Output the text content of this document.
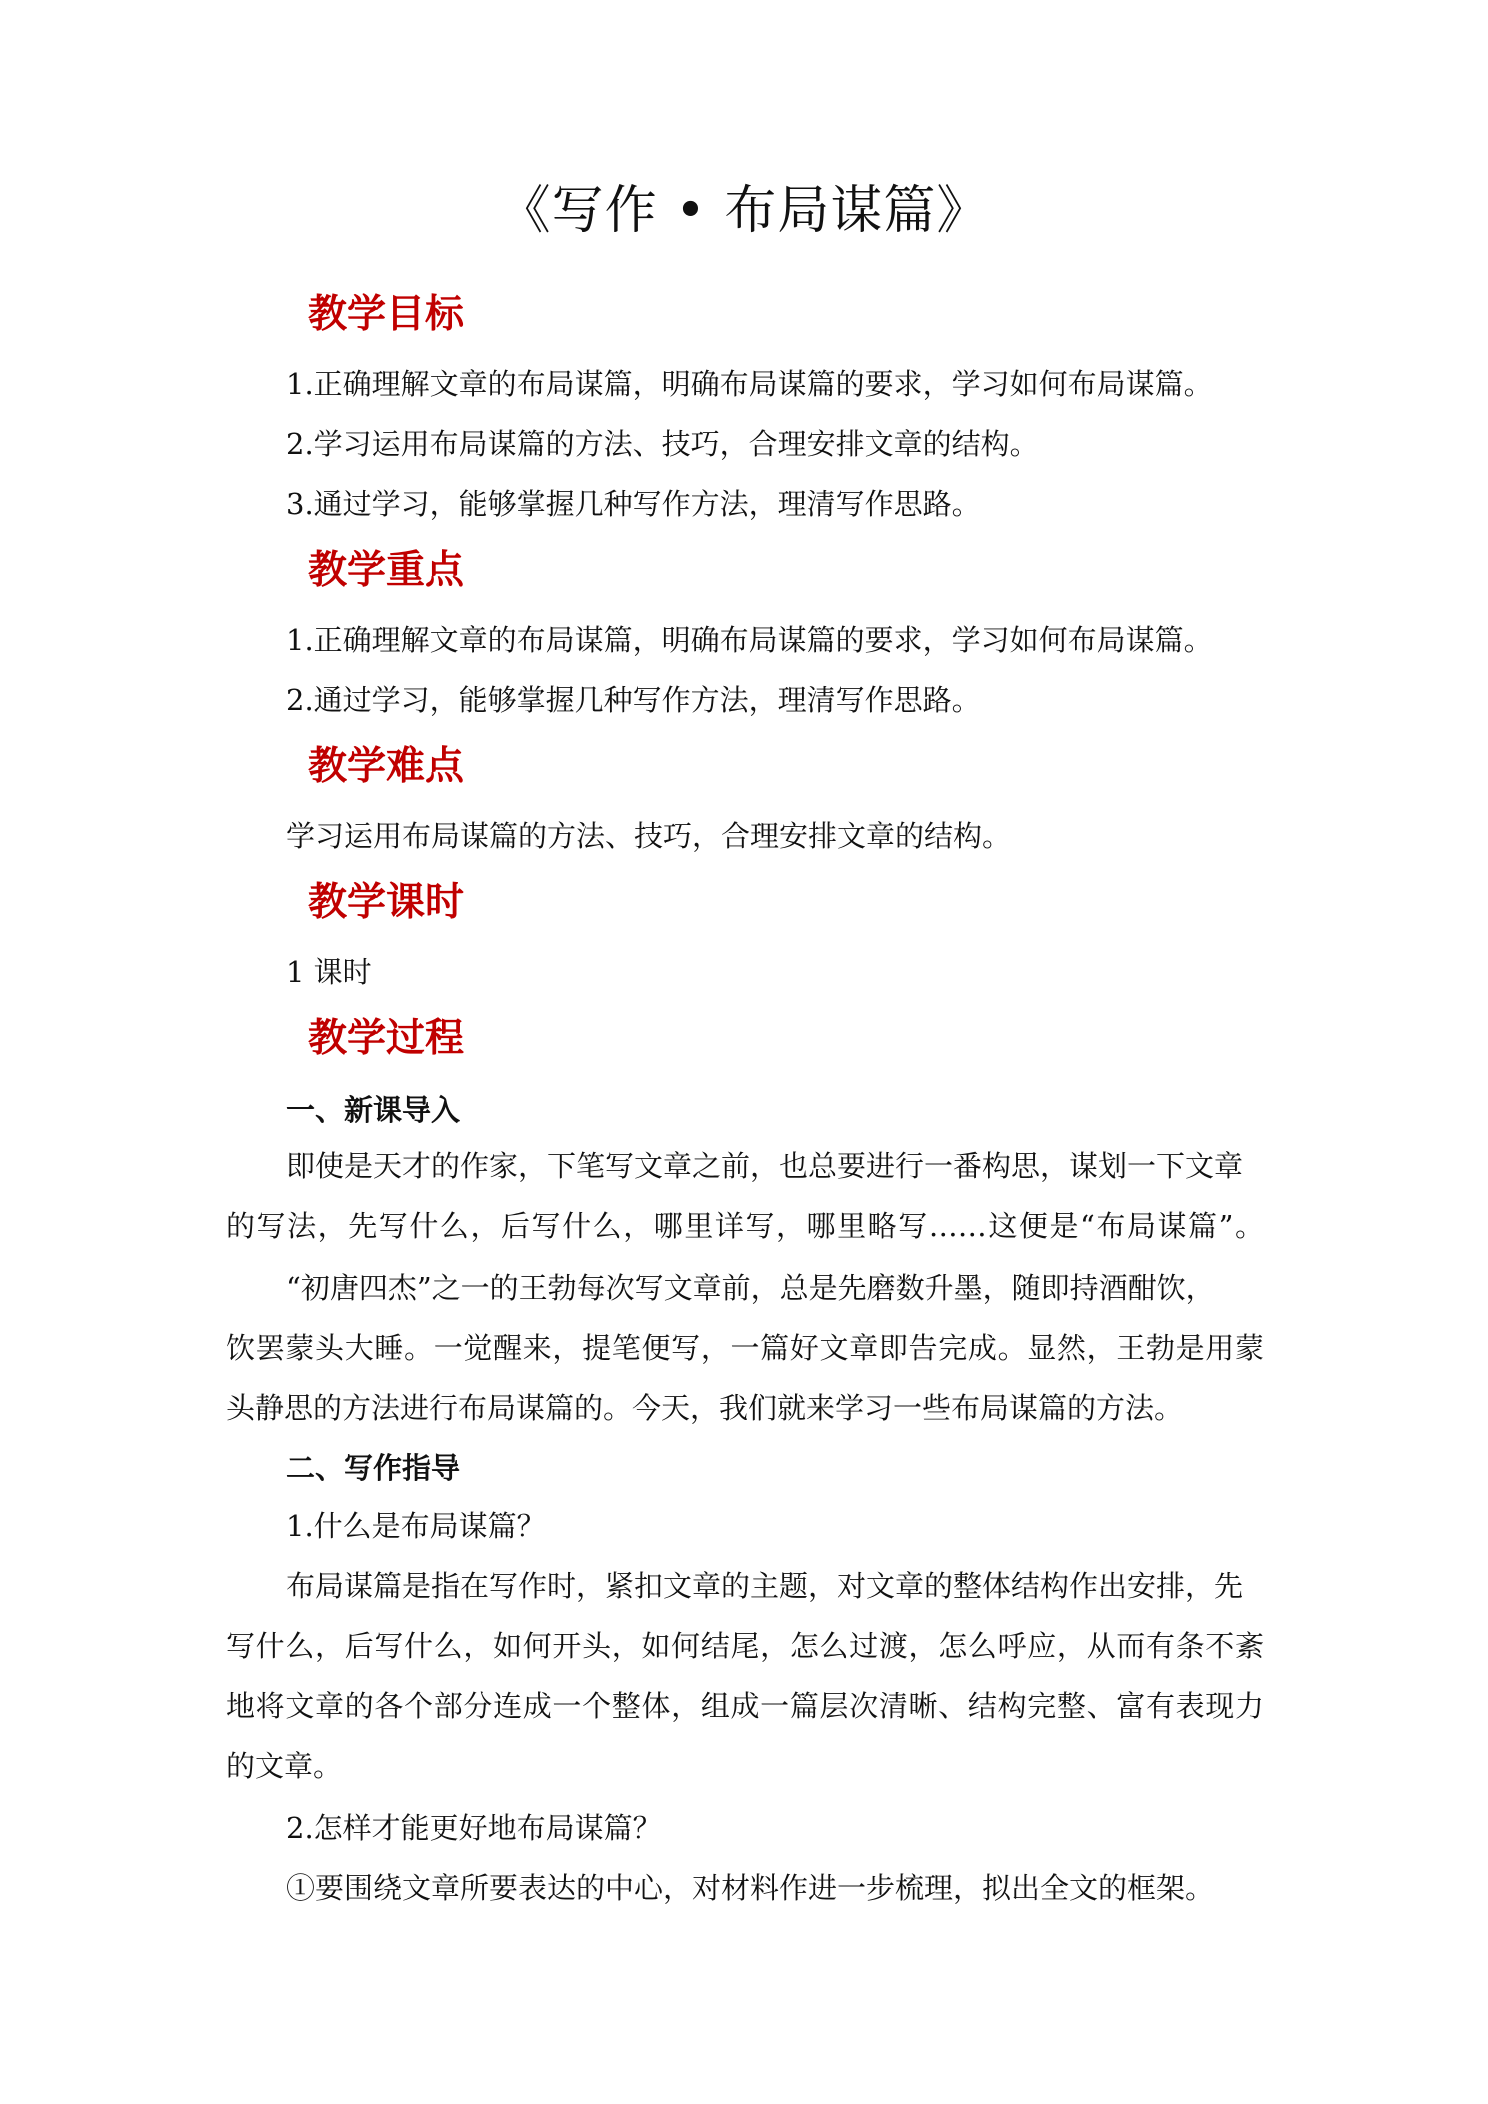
《写作 • 布局谋篇》
教学目标
1.正确理解文章的布局谋篇，明确布局谋篇的要求，学习如何布局谋篇。
2.学习运用布局谋篇的方法、技巧，合理安排文章的结构。
3.通过学习，能够掌握几种写作方法，理清写作思路。
教学重点
1.正确理解文章的布局谋篇，明确布局谋篇的要求，学习如何布局谋篇。
2.通过学习，能够掌握几种写作方法，理清写作思路。
教学难点
学习运用布局谋篇的方法、技巧，合理安排文章的结构。
教学课时
1 课时
教学过程
一、新课导入
即使是天才的作家，下笔写文章之前，也总要进行一番构思，谋划一下文章
的写法，先写什么，后写什么，哪里详写，哪里略写……这便是“布局谋篇”。
“初唐四杰”之一的王勃每次写文章前，总是先磨数升墨，随即持酒酣饮，
饮罢蒙头大睡。一觉醒来，提笔便写，一篇好文章即告完成。显然，王勃是用蒙
头静思的方法进行布局谋篇的。今天，我们就来学习一些布局谋篇的方法。
二、写作指导
1.什么是布局谋篇？
布局谋篇是指在写作时，紧扣文章的主题，对文章的整体结构作出安排，先
写什么，后写什么，如何开头，如何结尾，怎么过渡，怎么呼应，从而有条不紊
地将文章的各个部分连成一个整体，组成一篇层次清晰、结构完整、富有表现力
的文章。
2.怎样才能更好地布局谋篇？
①要围绕文章所要表达的中心，对材料作进一步梳理，拟出全文的框架。
